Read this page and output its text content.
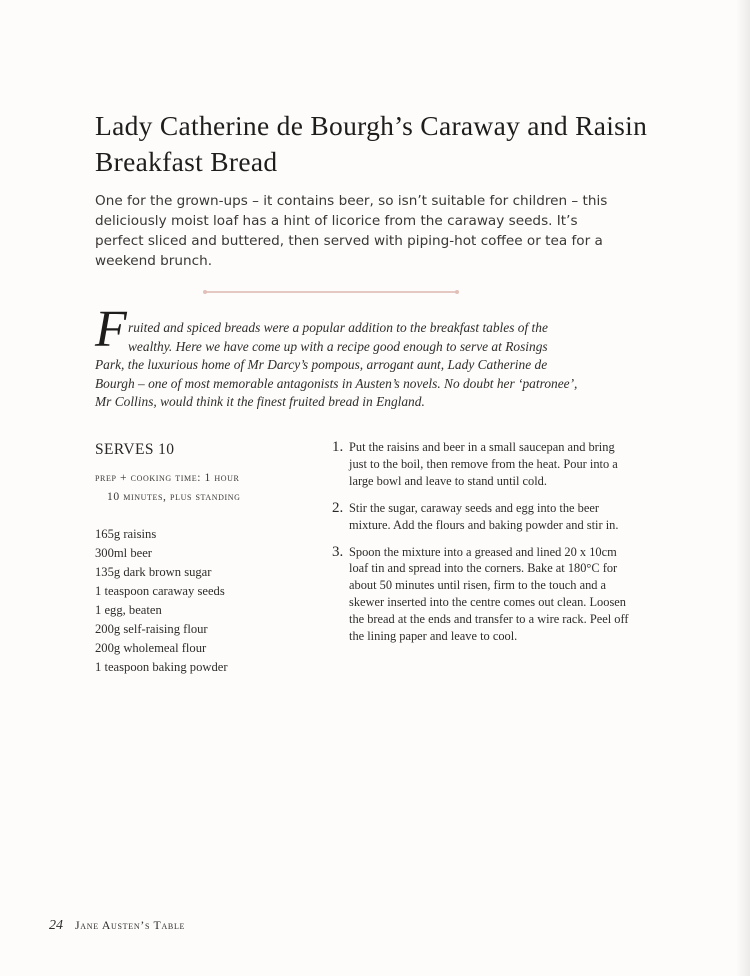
Lady Catherine de Bourgh’s Caraway and Raisin Breakfast Bread

One for the grown-ups – it contains beer, so isn’t suitable for children – this deliciously moist loaf has a hint of licorice from the caraway seeds. It’s perfect sliced and buttered, then served with piping-hot coffee or tea for a weekend brunch.

F ruited and spiced breads were a popular addition to the breakfast tables of the
wealthy. Here we have come up with a recipe good enough to serve at Rosings
Park, the luxurious home of Mr Darcy’s pompous, arrogant aunt, Lady Catherine de Bourgh – one of most memorable antagonists in Austen’s novels. No doubt her ‘patronee’, Mr Collins, would think it the finest fruited bread in England.
SERVES 10
prep + cooking time: 1 hour
10 minutes, plus standing
165g raisins
300ml beer
135g dark brown sugar
1 teaspoon caraway seeds
1 egg, beaten
200g self-raising flour
200g wholemeal flour
1 teaspoon baking powder
1. Put the raisins and beer in a small saucepan and bring just to the boil, then remove from the heat. Pour into a large bowl and leave to stand until cold.
2. Stir the sugar, caraway seeds and egg into the beer mixture. Add the flours and baking powder and stir in.
3. Spoon the mixture into a greased and lined 20 x 10cm loaf tin and spread into the corners. Bake at 180°C for about 50 minutes until risen, firm to the touch and a skewer inserted into the centre comes out clean. Loosen the bread at the ends and transfer to a wire rack. Peel off the lining paper and leave to cool.
24 Jane Austen’s Table
